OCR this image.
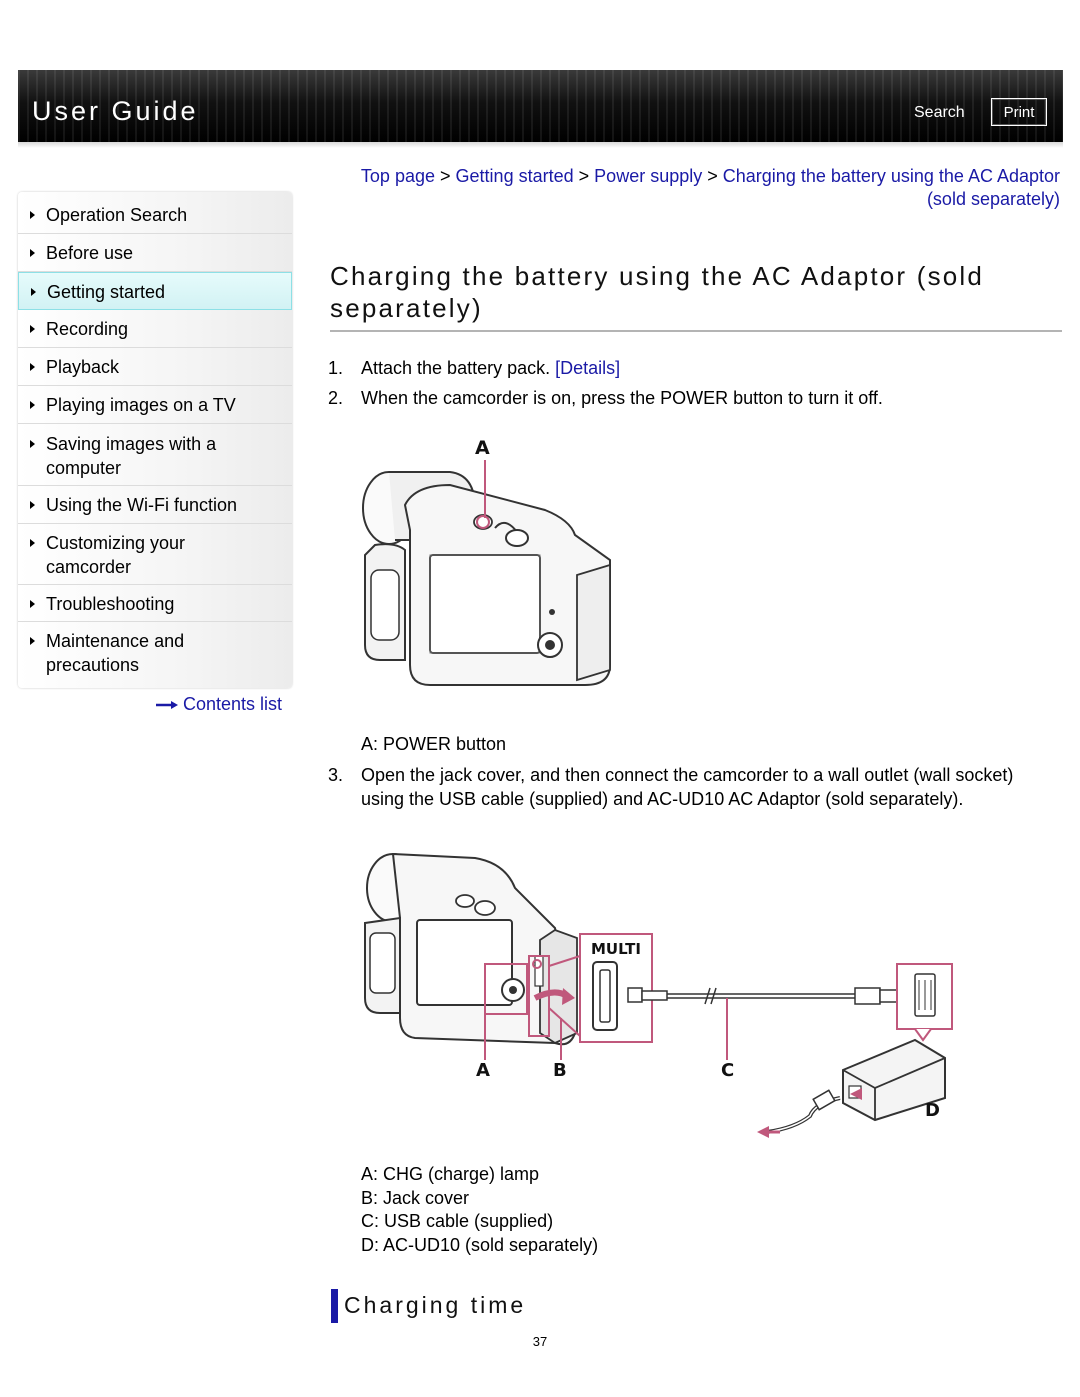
User Guide	Search	Print
Operation Search
Before use
Getting started
Recording
Playback
Playing images on a TV
Saving images with a computer
Using the Wi-Fi function
Customizing your camcorder
Troubleshooting
Maintenance and precautions
Contents list
Top page > Getting started > Power supply > Charging the battery using the AC Adaptor (sold separately)
Charging the battery using the AC Adaptor (sold separately)
1. Attach the battery pack. [Details]
2. When the camcorder is on, press the POWER button to turn it off.
A
A: POWER button
3. Open the jack cover, and then connect the camcorder to a wall outlet (wall socket) using the USB cable (supplied) and AC-UD10 AC Adaptor (sold separately).
MULTI
A	B	C
D
A: CHG (charge) lamp
B: Jack cover
C: USB cable (supplied)
D: AC-UD10 (sold separately)
Charging time
37
